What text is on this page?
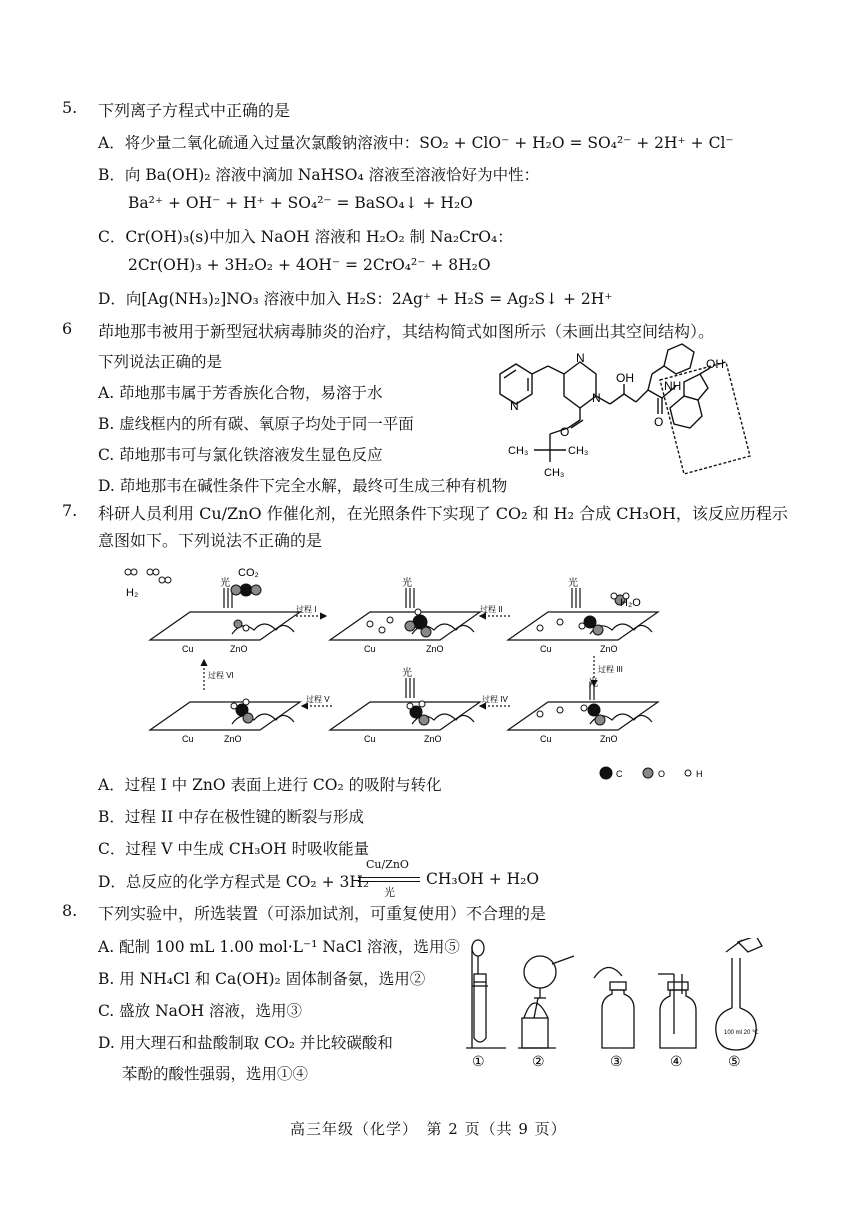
5. 下列离子方程式中正确的是
A．将少量二氧化硫通入过量次氯酸钠溶液中：SO₂ + ClO⁻ + H₂O = SO₄²⁻ + 2H⁺ + Cl⁻
B．向 Ba(OH)₂ 溶液中滴加 NaHSO₄ 溶液至溶液恰好为中性：
Ba²⁺ + OH⁻ + H⁺ + SO₄²⁻ = BaSO₄↓ + H₂O
C．Cr(OH)₃(s)中加入 NaOH 溶液和 H₂O₂ 制 Na₂CrO₄：
2Cr(OH)₃ + 3H₂O₂ + 4OH⁻ = 2CrO₄²⁻ + 8H₂O
D．向[Ag(NH₃)₂]NO₃ 溶液中加入 H₂S：2Ag⁺ + H₂S = Ag₂S↓ + 2H⁺
6 茚地那韦被用于新型冠状病毒肺炎的治疗，其结构简式如图所示（未画出其空间结构）。
下列说法正确的是
A. 茚地那韦属于芳香族化合物，易溶于水
B. 虚线框内的所有碳、氧原子均处于同一平面
C. 茚地那韦可与氯化铁溶液发生显色反应
D. 茚地那韦在碱性条件下完全水解，最终可生成三种有机物
N
N
N
OH
NH
O
OH
O
CH₃	CH₃
CH₃
7. 科研人员利用 Cu/ZnO 作催化剂，在光照条件下实现了 CO₂ 和 H₂ 合成 CH₃OH，该反应历程示
意图如下。下列说法不正确的是
H₂
CO₂
光	光	光
光
光
H₂O
Cu	ZnO	Cu	ZnO	Cu	ZnO
Cu	ZnO	Cu	ZnO	Cu	ZnO
过程 I	过程 II
过程 III
过程 IV
过程 V
过程 VI
C	O	H
A．过程 I 中 ZnO 表面上进行 CO₂ 的吸附与转化
B．过程 II 中存在极性键的断裂与形成
C．过程 V 中生成 CH₃OH 时吸收能量
D．总反应的化学方程式是 CO₂ + 3H₂
Cu/ZnO
光
CH₃OH + H₂O
8. 下列实验中，所选装置（可添加试剂，可重复使用）不合理的是
A. 配制 100 mL 1.00 mol·L⁻¹ NaCl 溶液，选用⑤
B. 用 NH₄Cl 和 Ca(OH)₂ 固体制备氨，选用②
C. 盛放 NaOH 溶液，选用③
D. 用大理石和盐酸制取 CO₂ 并比较碳酸和
苯酚的酸性强弱，选用①④
100 ml 20 ℃
①	②	③	④	⑤
高三年级（化学）　第 2 页（共 9 页）
